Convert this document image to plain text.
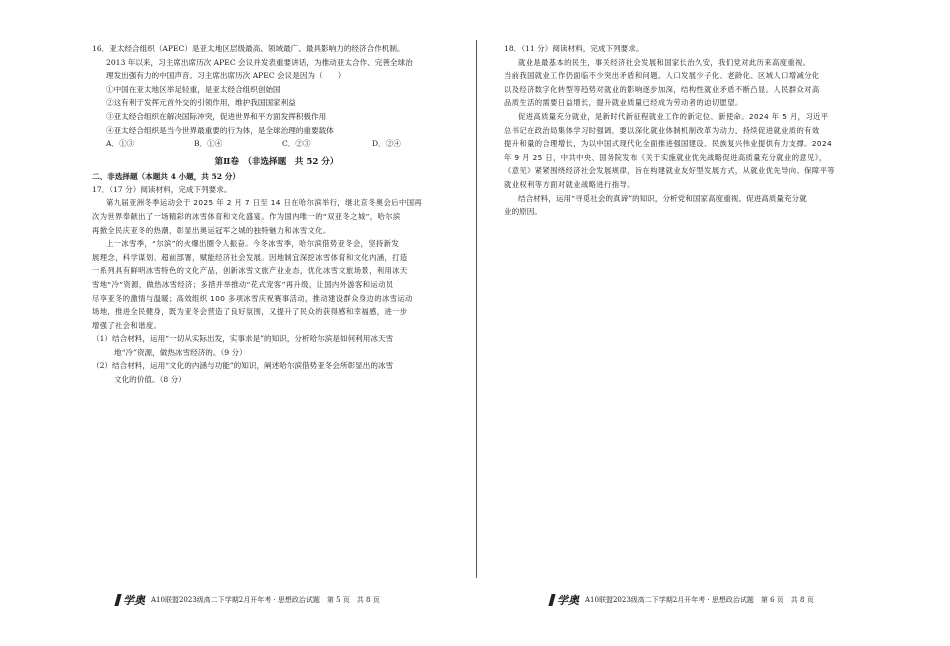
16．亚太经合组织（APEC）是亚太地区层级最高、领域最广、最具影响力的经济合作机制。
2013 年以来，习主席出席历次 APEC 会议并发表重要讲话，为推动亚太合作、完善全球治
理发出强有力的中国声音。习主席出席历次 APEC 会议是因为（　　）
①中国在亚太地区举足轻重，是亚太经合组织创始国
②这有利于发挥元首外交的引领作用，维护我国国家利益
③亚太经合组织在解决国际冲突，促进世界和平方面发挥积极作用
④亚太经合组织是当今世界最重要的行为体，是全球治理的重要载体
A．①③	B．①④	C．②③	D．②④
第Ⅱ卷　（非选择题　共 52 分）
二、非选择题（本题共 4 小题，共 52 分）
17．（17 分）阅读材料，完成下列要求。
第九届亚洲冬季运动会于 2025 年 2 月 7 日至 14 日在哈尔滨举行，继北京冬奥会后中国再
次为世界奉献出了一场精彩的冰雪体育和文化盛宴。作为国内唯一的“双亚冬之城”，哈尔滨
再掀全民庆亚冬的热潮，彰显出奥运冠军之城的独特魅力和冰雪文化。
上一冰雪季，“尔滨”的火爆出圈令人振奋。今冬冰雪季，哈尔滨借势亚冬会，坚持新发
展理念，科学谋划、超前部署，赋能经济社会发展。因地制宜深挖冰雪体育和文化内涵，打造
一系列具有鲜明冰雪特色的文化产品，创新冰雪文旅产业业态，优化冰雪文旅场景，利用冰天
雪地“冷”资源，做热冰雪经济；多措并举推动“花式宠客”再升级，让国内外游客和运动员
尽享亚冬的激情与温暖；高效组织 100 多项冰雪庆祝赛事活动，推动建设群众身边的冰雪运动
场地，推进全民健身，既为亚冬会营造了良好氛围，又提升了民众的获得感和幸福感，进一步
增强了社会和谐度。
（1）结合材料，运用“一切从实际出发，实事求是”的知识，分析哈尔滨是如何利用冰天雪
地“冷”资源，做热冰雪经济的。（9 分）
（2）结合材料，运用“文化的内涵与功能”的知识，阐述哈尔滨借势亚冬会所彰显出的冰雪
文化的价值。（8 分）
学奥 A10联盟2023级高二下学期2月开年考 · 思想政治试题　第 5 页　共 8 页
18．（11 分）阅读材料，完成下列要求。
就业是最基本的民生，事关经济社会发展和国家长治久安，我们党对此历来高度重视。
当前我国就业工作仍面临不少突出矛盾和问题。人口发展少子化、老龄化、区域人口增减分化
以及经济数字化转型等趋势对就业的影响逐步加深，结构性就业矛盾不断凸显。人民群众对高
品质生活的需要日益增长，提升就业质量已经成为劳动者的迫切愿望。
促进高质量充分就业，是新时代新征程就业工作的新定位、新使命。2024 年 5 月，习近平
总书记在政治局集体学习时强调，要以深化就业体制机制改革为动力，持续促进就业质的有效
提升和量的合理增长，为以中国式现代化全面推进强国建设、民族复兴伟业提供有力支撑。2024
年 9 月 25 日，中共中央、国务院发布《关于实施就业优先战略促进高质量充分就业的意见》，
《意见》紧紧围绕经济社会发展规律，旨在构建就业友好型发展方式，从就业优先导向、保障平等
就业权利等方面对就业战略进行指导。
结合材料，运用“寻觅社会的真谛”的知识，分析党和国家高度重视、促进高质量充分就
业的原因。
学奥 A10联盟2023级高二下学期2月开年考 · 思想政治试题　第 6 页　共 8 页
